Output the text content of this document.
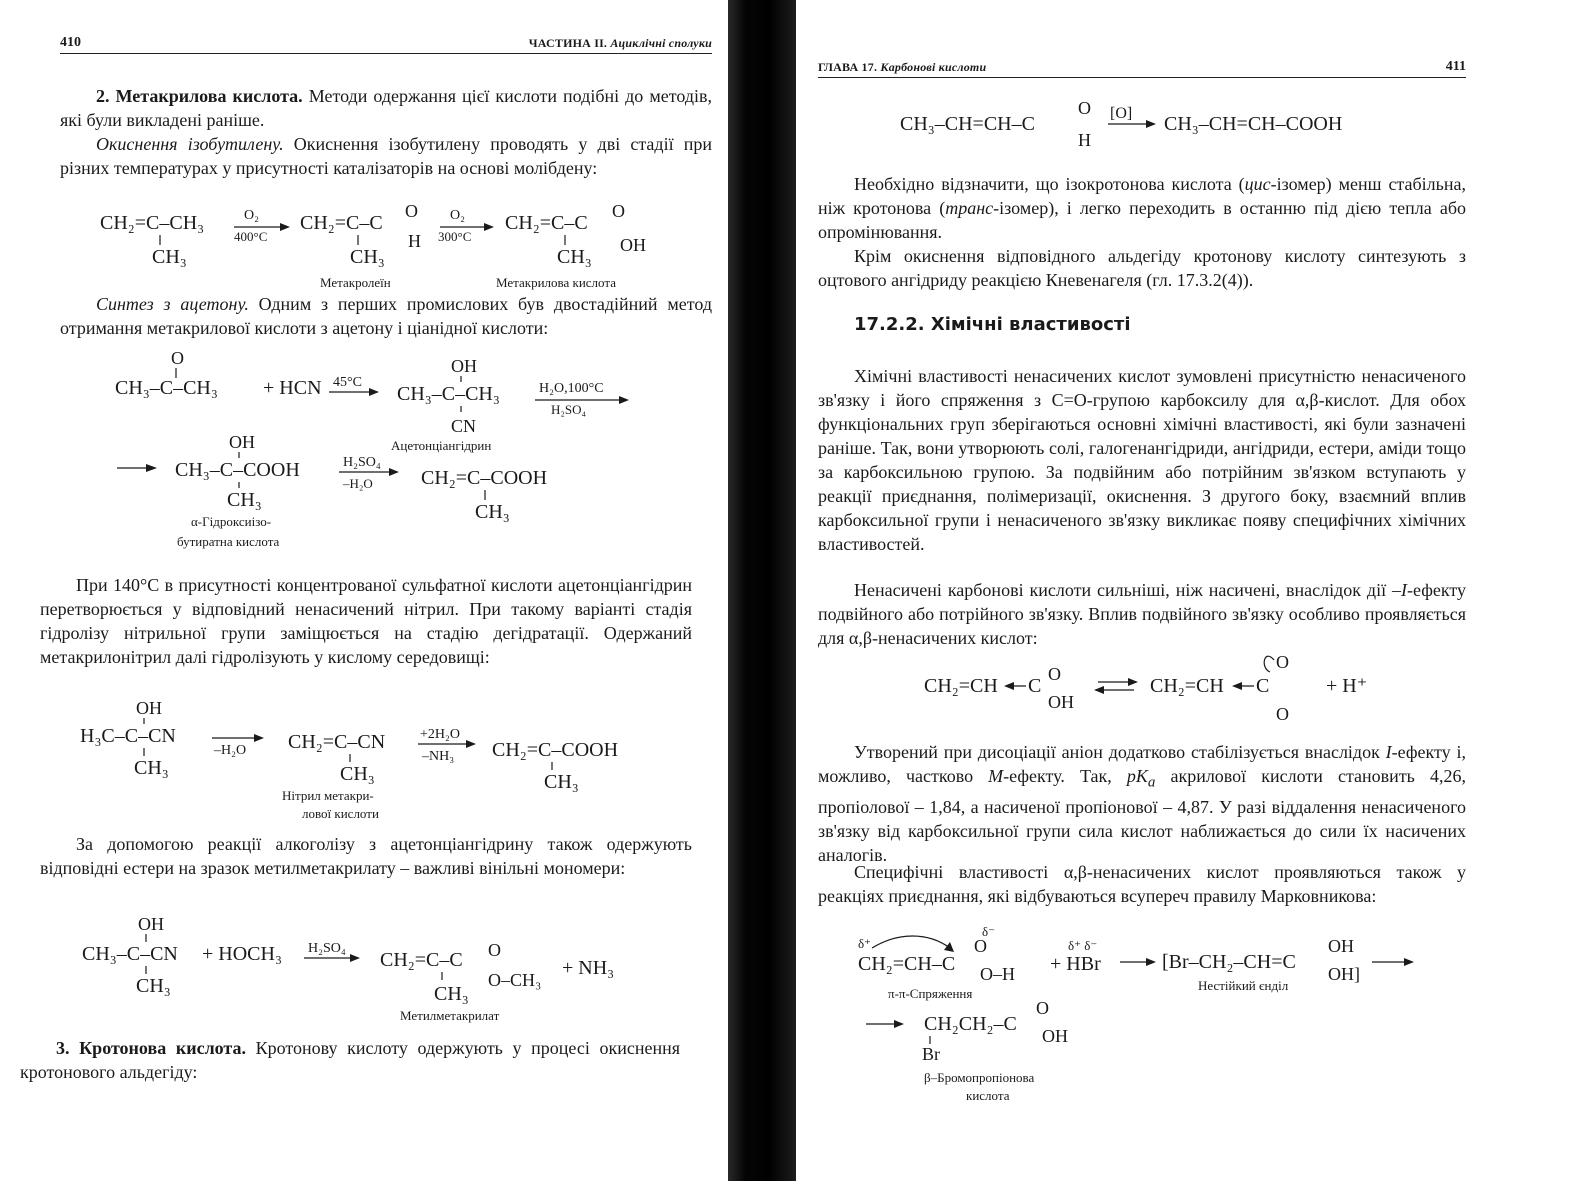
410	ЧАСТИНА II. Ациклічні сполуки

2. Метакрилова кислота. Методи одержання цієї кислоти подібні до методів, які були викладені раніше.

Окиснення ізобутилену. Окиснення ізобутилену проводять у дві стадії при різних температурах у присутності каталізаторів на основі молібдену:

CH₂=C–CH₃
CH₃
O₂
400°C
CH₂=C–C
O
H
CH₃
Метакролеїн
O₂
300°C
CH₂=C–C
O
OH
CH₃
Метакрилова кислота

Синтез з ацетону. Одним з перших промислових був двостадійний метод отримання метакрилової кислоти з ацетону і ціанідної кислоти:

O
CH₃–C–CH₃ + HCN 45°C
OH
CH₃–C–CH₃
CN
Ацетонціангідрин
H₂O,100°C
H₂SO₄
OH
CH₃–C–COOH
CH₃
α-Гідроксиізо-
бутиратна кислота
H₂SO₄
–H₂O CH₂=C–COOH
CH₃

При 140°C в присутності концентрованої сульфатної кислоти ацетонціангідрин перетворюється у відповідний ненасичений нітрил. При такому варіанті стадія гідролізу нітрильної групи заміщюється на стадію дегідратації. Одержаний метакрилонітрил далі гідролізують у кислому середовищі:

OH
H₃C–C–CN
CH₃
–H₂O CH₂=C–CN
CH₃
Нітрил метакри-
лової кислоти
+2H₂O
–NH₃ CH₂=C–COOH
CH₃

За допомогою реакції алкоголізу з ацетонціангідрину також одержують відповідні естери на зразок метилметакрилату – важливі вінільні мономери:

OH
CH₃–C–CN + HOCH₃
CH₃
H₂SO₄
CH₂=C–C O
O–CH₃
CH₃
+ NH₃
Метилметакрилат

3. Кротонова кислота. Кротонову кислоту одержують у процесі окиснення кротонового альдегіду:

ГЛАВА 17. Карбонові кислоти	411
CH₃–CH=CH–C
O
H
[O] CH₃–CH=CH–COOH

Необхідно відзначити, що ізокротонова кислота (цис-ізомер) менш стабільна, ніж кротонова (транс-ізомер), і легко переходить в останню під дією тепла або опромінювання.

Крім окиснення відповідного альдегіду кротонову кислоту синтезують з оцтового ангідриду реакцією Кневенагеля (гл. 17.3.2(4)).

17.2.2. Хімічні властивості

Хімічні властивості ненасичених кислот зумовлені присутністю ненасиченого зв'язку і його спряження з C=O-групою карбоксилу для α,β-кислот. Для обох функціональних груп зберігаються основні хімічні властивості, які були зазначені раніше. Так, вони утворюють солі, галогенангідриди, ангідриди, естери, аміди тощо за карбоксильною групою. За подвійним або потрійним зв'язком вступають у реакції приєднання, полімеризації, окиснення. З другого боку, взаємний вплив карбоксильної групи і ненасиченого зв'язку викликає появу специфічних хімічних властивостей.

Ненасичені карбонові кислоти сильніші, ніж насичені, внаслідок дії –I-ефекту подвійного або потрійного зв'язку. Вплив подвійного зв'язку особливо проявляється для α,β-ненасичених кислот:

CH₂=CH C
O
OH
CH₂=CH C
O
O
+ H⁺

Утворений при дисоціації аніон додатково стабілізується внаслідок I-ефекту і, можливо, частково M-ефекту. Так, $pK_a$ акрилової кислоти становить 4,26, пропіолової – 1,84, а насиченої пропіонової – 4,87. У разі віддалення ненасиченого зв'язку від карбоксильної групи сила кислот наближається до сили їх насичених аналогів.

Специфічні властивості α,β-ненасичених кислот проявляються також у реакціях приєднання, які відбуваються всупереч правилу Марковникова:

δ⁺
δ⁻
CH₂=CH–C
O
O–H + HBr
δ⁺ δ⁻
[Br–CH₂–CH=C
OH
OH]
π-π-Спряження
Нестійкий єнділ
CH₂CH₂–C
O
OH
Br
β–Бромопропіонова
кислота
